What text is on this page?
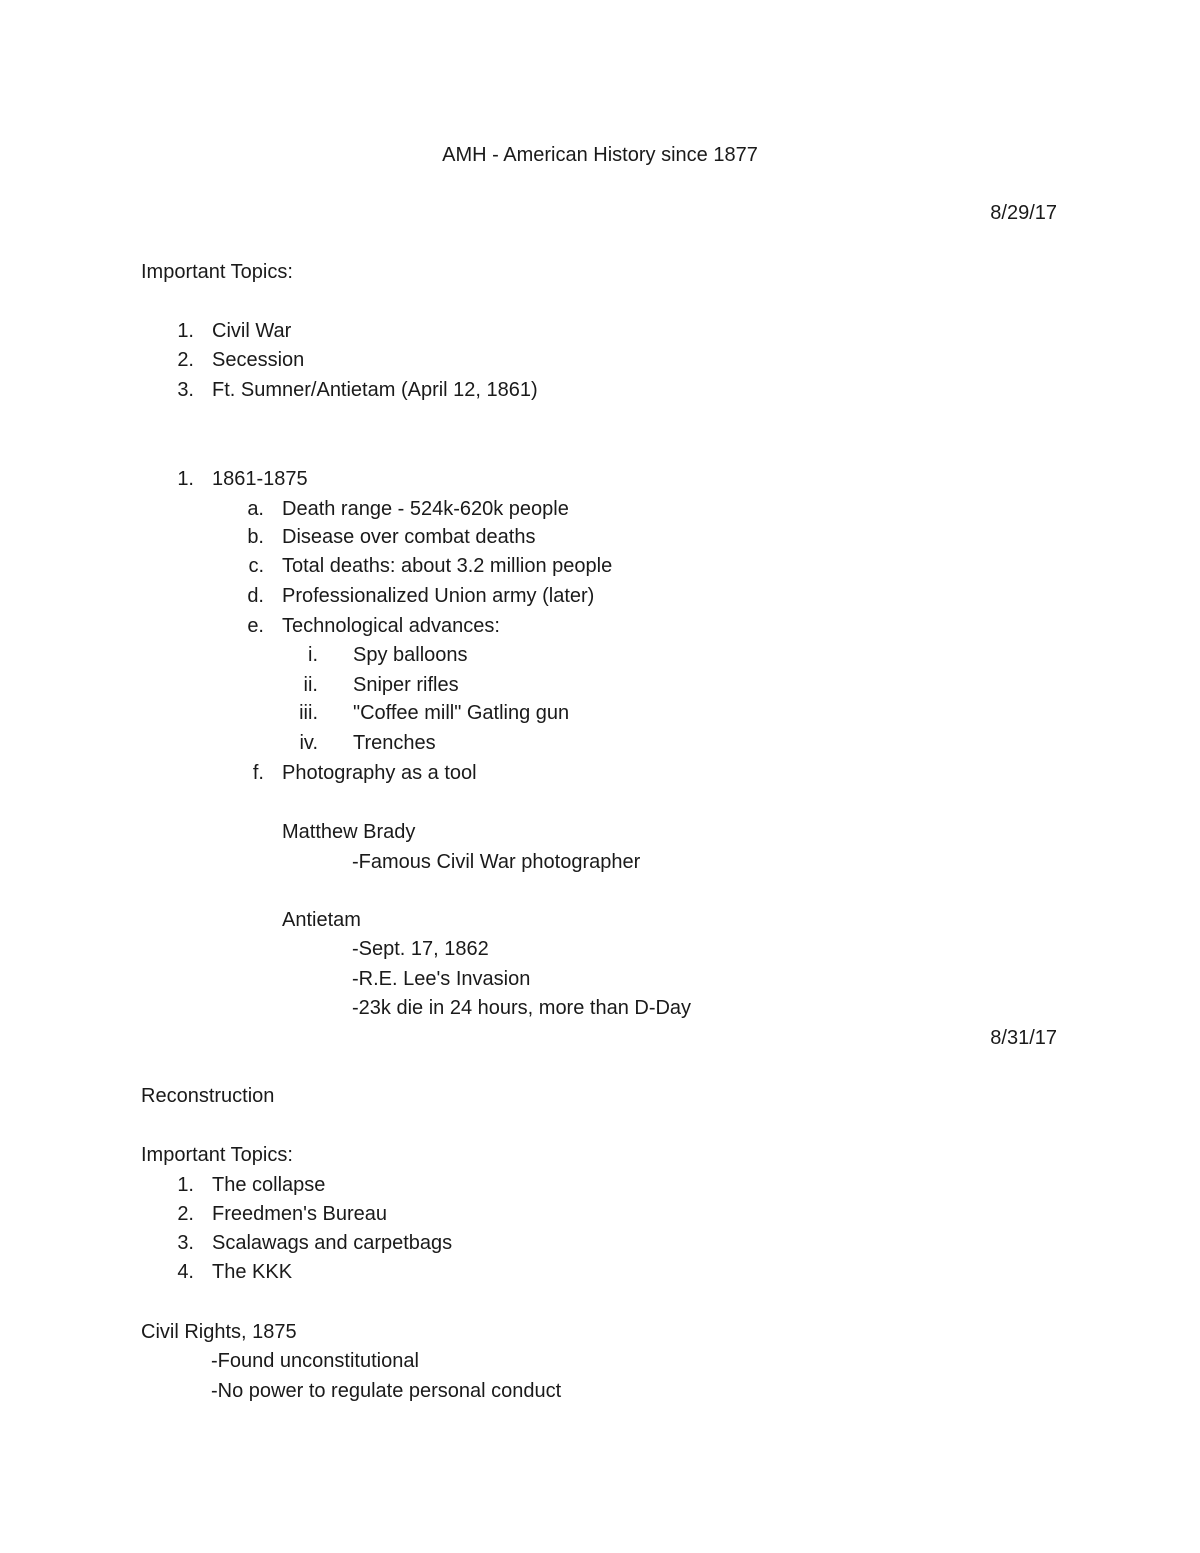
AMH - American History since 1877
8/29/17
Important Topics:
1. Civil War
2. Secession
3. Ft. Sumner/Antietam (April 12, 1861)
1. 1861-1875
a. Death range - 524k-620k people
b. Disease over combat deaths
c. Total deaths: about 3.2 million people
d. Professionalized Union army (later)
e. Technological advances:
i. Spy balloons
ii. Sniper rifles
iii. "Coffee mill" Gatling gun
iv. Trenches
f. Photography as a tool
Matthew Brady
-Famous Civil War photographer
Antietam
-Sept. 17, 1862
-R.E. Lee's Invasion
-23k die in 24 hours, more than D-Day
8/31/17
Reconstruction
Important Topics:
1. The collapse
2. Freedmen's Bureau
3. Scalawags and carpetbags
4. The KKK
Civil Rights, 1875
-Found unconstitutional
-No power to regulate personal conduct
